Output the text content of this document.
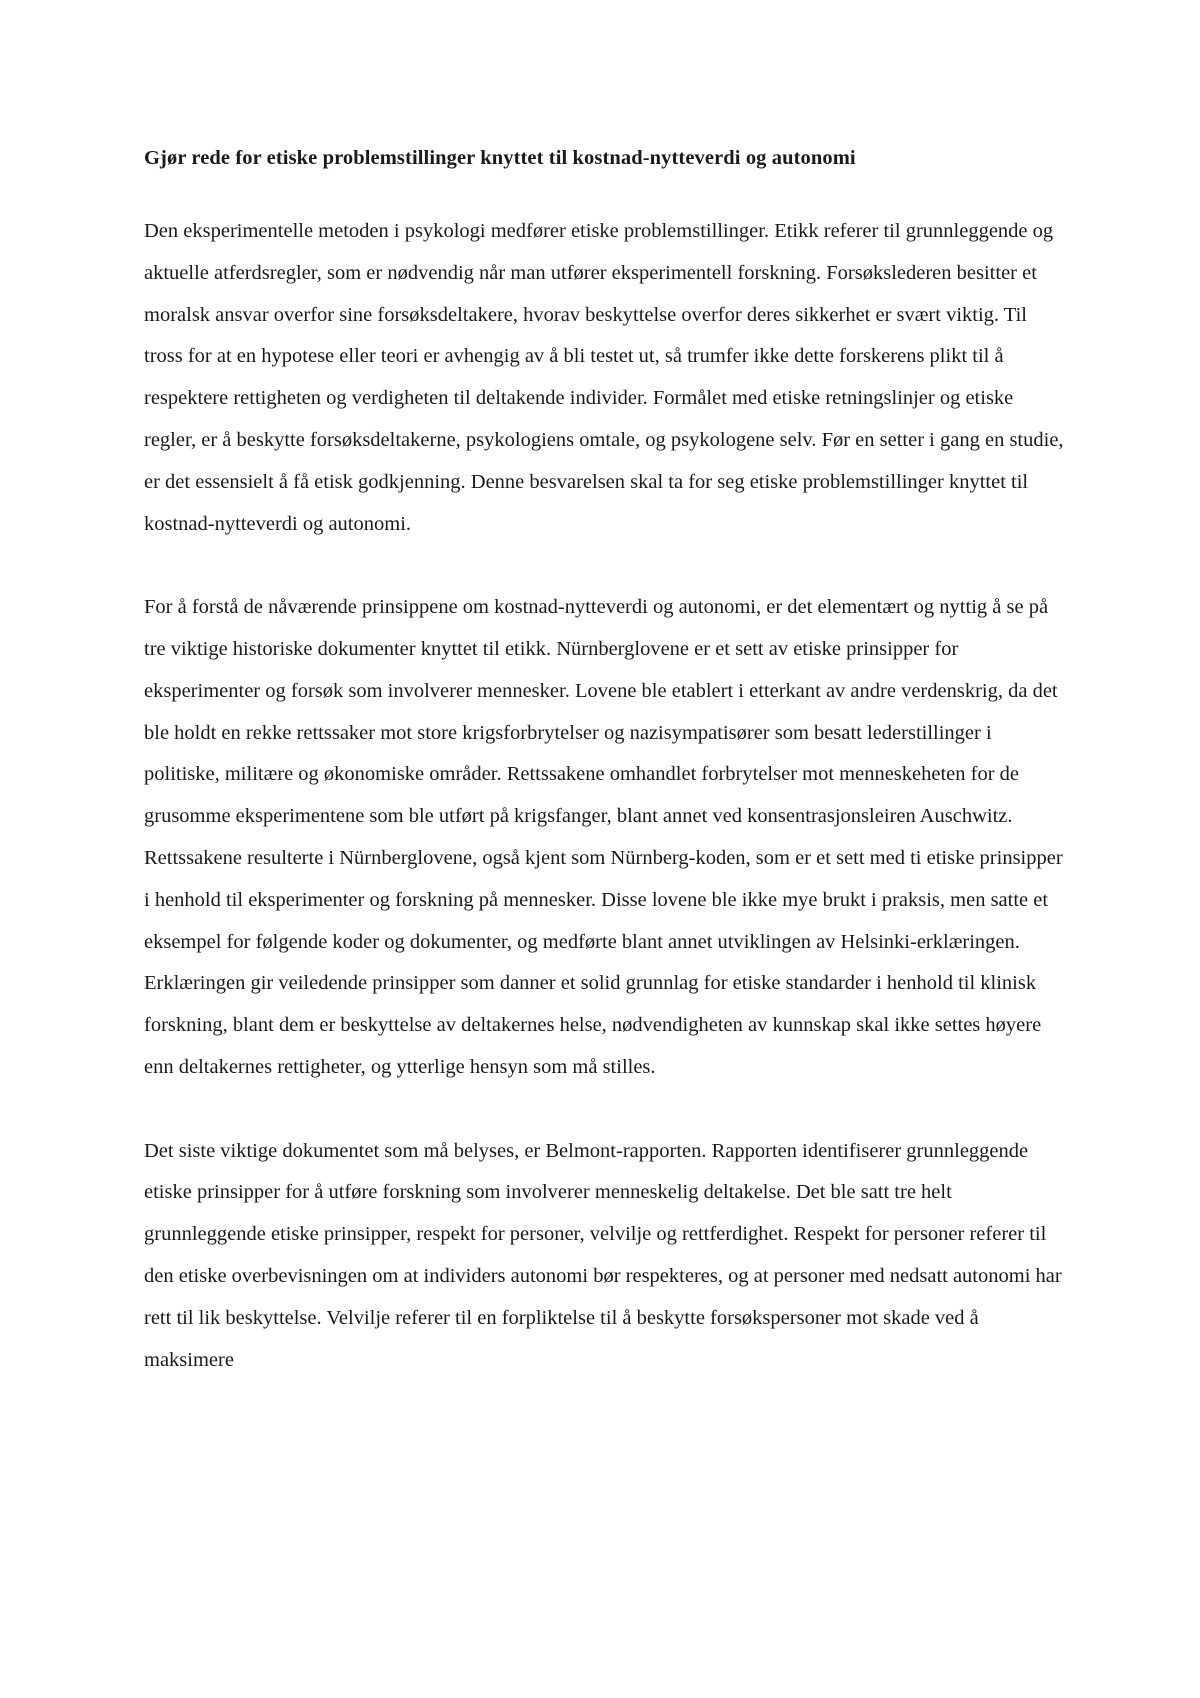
Gjør rede for etiske problemstillinger knyttet til kostnad-nytteverdi og autonomi

Den eksperimentelle metoden i psykologi medfører etiske problemstillinger. Etikk referer til grunnleggende og aktuelle atferdsregler, som er nødvendig når man utfører eksperimentell forskning. Forsøkslederen besitter et moralsk ansvar overfor sine forsøksdeltakere, hvorav beskyttelse overfor deres sikkerhet er svært viktig. Til tross for at en hypotese eller teori er avhengig av å bli testet ut, så trumfer ikke dette forskerens plikt til å respektere rettigheten og verdigheten til deltakende individer. Formålet med etiske retningslinjer og etiske regler, er å beskytte forsøksdeltakerne, psykologiens omtale, og psykologene selv. Før en setter i gang en studie, er det essensielt å få etisk godkjenning. Denne besvarelsen skal ta for seg etiske problemstillinger knyttet til kostnad-nytteverdi og autonomi.

For å forstå de nåværende prinsippene om kostnad-nytteverdi og autonomi, er det elementært og nyttig å se på tre viktige historiske dokumenter knyttet til etikk. Nürnberglovene er et sett av etiske prinsipper for eksperimenter og forsøk som involverer mennesker. Lovene ble etablert i etterkant av andre verdenskrig, da det ble holdt en rekke rettssaker mot store krigsforbrytelser og nazisympatisører som besatt lederstillinger i politiske, militære og økonomiske områder. Rettssakene omhandlet forbrytelser mot menneskeheten for de grusomme eksperimentene som ble utført på krigsfanger, blant annet ved konsentrasjonsleiren Auschwitz. Rettssakene resulterte i Nürnberglovene, også kjent som Nürnberg-koden, som er et sett med ti etiske prinsipper i henhold til eksperimenter og forskning på mennesker. Disse lovene ble ikke mye brukt i praksis, men satte et eksempel for følgende koder og dokumenter, og medførte blant annet utviklingen av Helsinki-erklæringen. Erklæringen gir veiledende prinsipper som danner et solid grunnlag for etiske standarder i henhold til klinisk forskning, blant dem er beskyttelse av deltakernes helse, nødvendigheten av kunnskap skal ikke settes høyere enn deltakernes rettigheter, og ytterlige hensyn som må stilles.

Det siste viktige dokumentet som må belyses, er Belmont-rapporten. Rapporten identifiserer grunnleggende etiske prinsipper for å utføre forskning som involverer menneskelig deltakelse. Det ble satt tre helt grunnleggende etiske prinsipper, respekt for personer, velvilje og rettferdighet. Respekt for personer referer til den etiske overbevisningen om at individers autonomi bør respekteres, og at personer med nedsatt autonomi har rett til lik beskyttelse. Velvilje referer til en forpliktelse til å beskytte forsøkspersoner mot skade ved å maksimere
